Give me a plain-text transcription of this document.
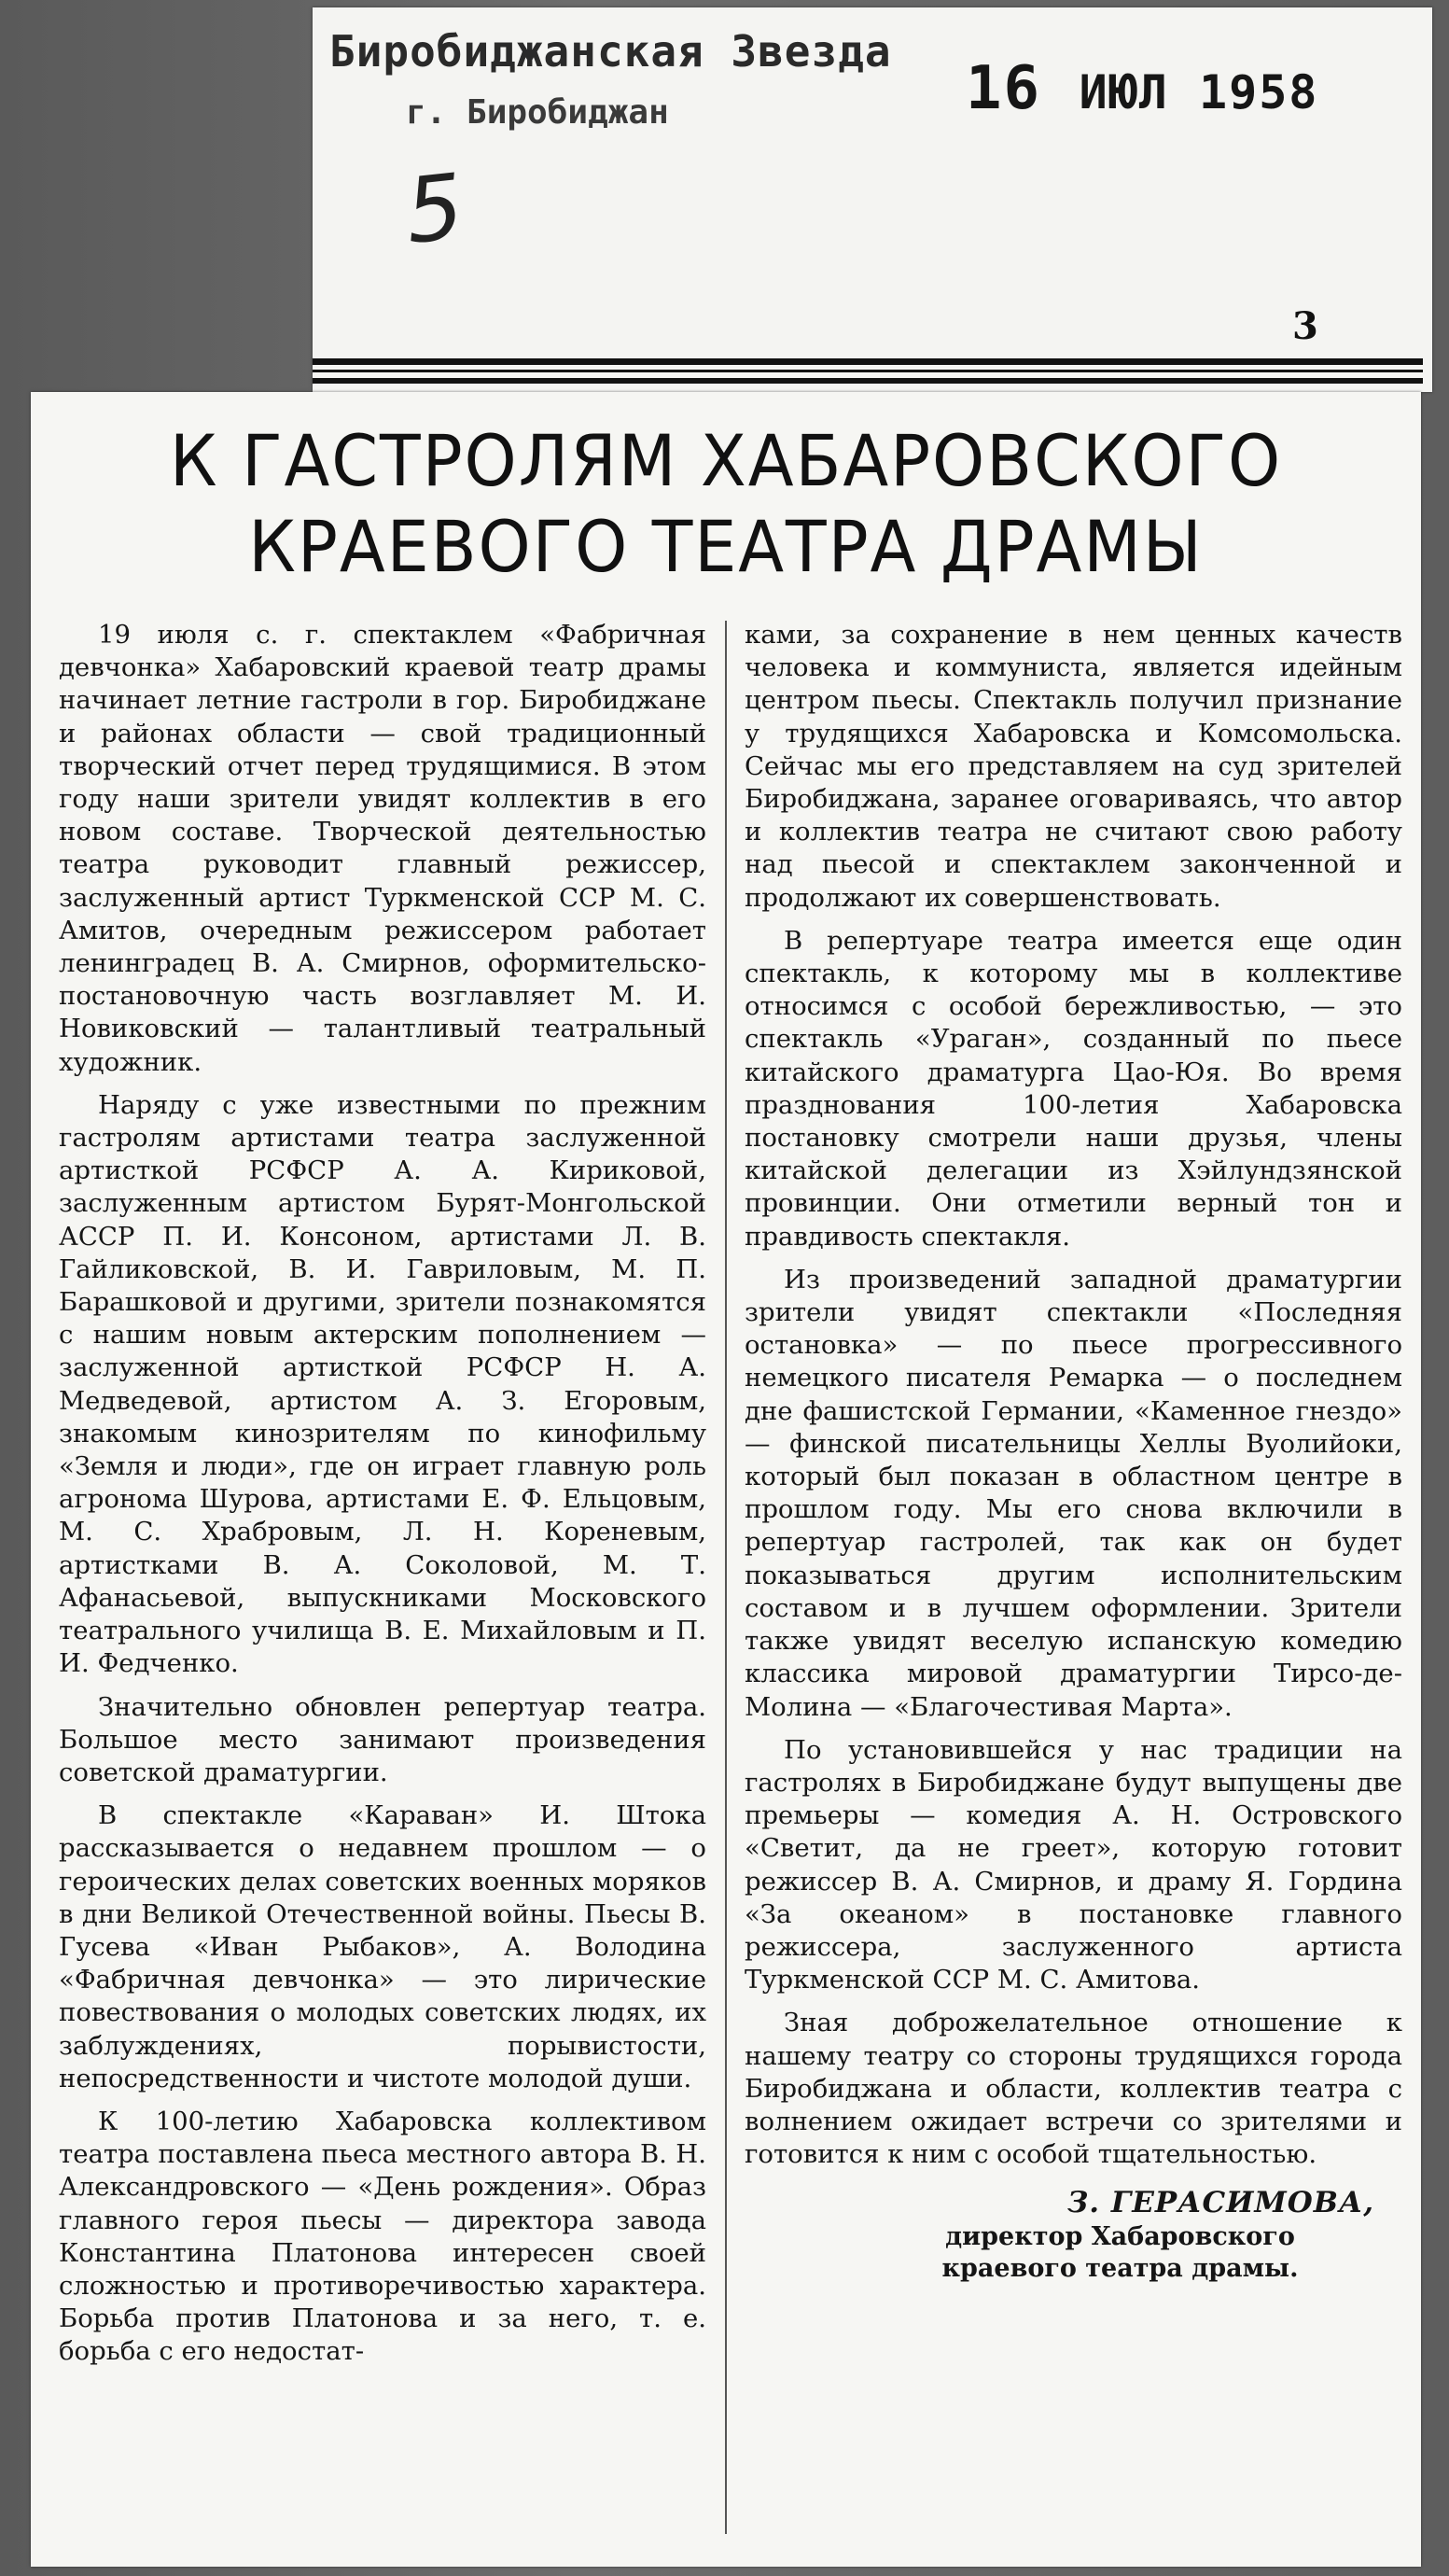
Биробиджанская Звезда
г. Биробиджан
5
16 ИЮЛ 1958
3
К ГАСТРОЛЯМ ХАБАРОВСКОГО
КРАЕВОГО ТЕАТРА ДРАМЫ

19 июля с. г. спектаклем «Фабричная девчонка» Хабаровский краевой театр драмы начинает летние гастроли в гор. Биробиджане и районах области — свой традиционный творческий отчет перед трудящимися. В этом году наши зрители увидят коллектив в его новом составе. Творческой деятельностью театра руководит главный режиссер, заслуженный артист Туркменской ССР М. С. Амитов, очередным режиссером работает ленинградец В. А. Смирнов, оформительско-постановочную часть возглавляет М. И. Новиковский — талантливый театральный художник.

Наряду с уже известными по прежним гастролям артистами театра заслуженной артисткой РСФСР А. А. Кириковой, заслуженным артистом Бурят-Монгольской АССР П. И. Консоном, артистами Л. В. Гайликовской, В. И. Гавриловым, М. П. Барашковой и другими, зрители познакомятся с нашим новым актерским пополнением — заслуженной артисткой РСФСР Н. А. Медведевой, артистом А. З. Егоровым, знакомым кинозрителям по кинофильму «Земля и люди», где он играет главную роль агронома Шурова, артистами Е. Ф. Ельцовым, М. С. Храбровым, Л. Н. Кореневым, артистками В. А. Соколовой, М. Т. Афанасьевой, выпускниками Московского театрального училища В. Е. Михайловым и П. И. Федченко.

Значительно обновлен репертуар театра. Большое место занимают произведения советской драматургии.

В спектакле «Караван» И. Штока рассказывается о недавнем прошлом — о героических делах советских военных моряков в дни Великой Отечественной войны. Пьесы В. Гусева «Иван Рыбаков», А. Володина «Фабричная девчонка» — это лирические повествования о молодых советских людях, их заблуждениях, порывистости, непосредственности и чистоте молодой души.

К 100-летию Хабаровска коллективом театра поставлена пьеса местного автора В. Н. Александровского — «День рождения». Образ главного героя пьесы — директора завода Константина Платонова интересен своей сложностью и противоречивостью характера. Борьба против Платонова и за него, т. е. борьба с его недостат-

ками, за сохранение в нем ценных качеств человека и коммуниста, является идейным центром пьесы. Спектакль получил признание у трудящихся Хабаровска и Комсомольска. Сейчас мы его представляем на суд зрителей Биробиджана, заранее оговариваясь, что автор и коллектив театра не считают свою работу над пьесой и спектаклем законченной и продолжают их совершенствовать.

В репертуаре театра имеется еще один спектакль, к которому мы в коллективе относимся с особой бережливостью, — это спектакль «Ураган», созданный по пьесе китайского драматурга Цао-Юя. Во время празднования 100-летия Хабаровска постановку смотрели наши друзья, члены китайской делегации из Хэйлундзянской провинции. Они отметили верный тон и правдивость спектакля.

Из произведений западной драматургии зрители увидят спектакли «Последняя остановка» — по пьесе прогрессивного немецкого писателя Ремарка — о последнем дне фашистской Германии, «Каменное гнездо» — финской писательницы Хеллы Вуолийоки, который был показан в областном центре в прошлом году. Мы его снова включили в репертуар гастролей, так как он будет показываться другим исполнительским составом и в лучшем оформлении. Зрители также увидят веселую испанскую комедию классика мировой драматургии Тирсо-де-Молина — «Благочестивая Марта».

По установившейся у нас традиции на гастролях в Биробиджане будут выпущены две премьеры — комедия А. Н. Островского «Светит, да не греет», которую готовит режиссер В. А. Смирнов, и драму Я. Гордина «За океаном» в постановке главного режиссера, заслуженного артиста Туркменской ССР М. С. Амитова.

Зная доброжелательное отношение к нашему театру со стороны трудящихся города Биробиджана и области, коллектив театра с волнением ожидает встречи со зрителями и готовится к ним с особой тщательностью.

З. ГЕРАСИМОВА,
директор Хабаровского краевого театра драмы.
